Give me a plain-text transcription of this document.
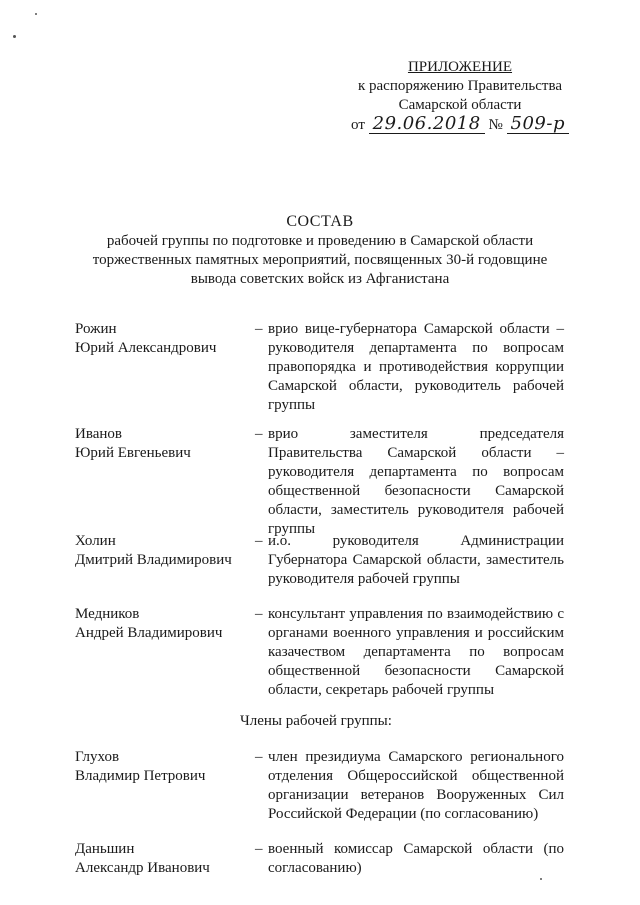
ПРИЛОЖЕНИЕ
к распоряжению Правительства
Самарской области
от 29.06.2018 № 509-р
СОСТАВ
рабочей группы по подготовке и проведению в Самарской области
торжественных памятных мероприятий, посвященных 30-й годовщине
вывода советских войск из Афганистана
Рожин
Юрий Александрович
– врио вице-губернатора Самарской области – руководителя департамента по вопросам правопорядка и противодействия коррупции Самарской области, руководитель рабочей группы
Иванов
Юрий Евгеньевич
– врио заместителя председателя Правительства Самарской области – руководителя департамента по вопросам общественной безопасности Самарской области, заместитель руководителя рабочей группы
Холин
Дмитрий Владимирович
– и.о. руководителя Администрации Губернатора Самарской области, заместитель руководителя рабочей группы
Медников
Андрей Владимирович
– консультант управления по взаимодействию с органами военного управления и российским казачеством департамента по вопросам общественной безопасности Самарской области, секретарь рабочей группы
Глухов
Владимир Петрович
– член президиума Самарского регионального отделения Общероссийской общественной организации ветеранов Вооруженных Сил Российской Федерации (по согласованию)
Даньшин
Александр Иванович
– военный комиссар Самарской области (по согласованию)
Члены рабочей группы:
